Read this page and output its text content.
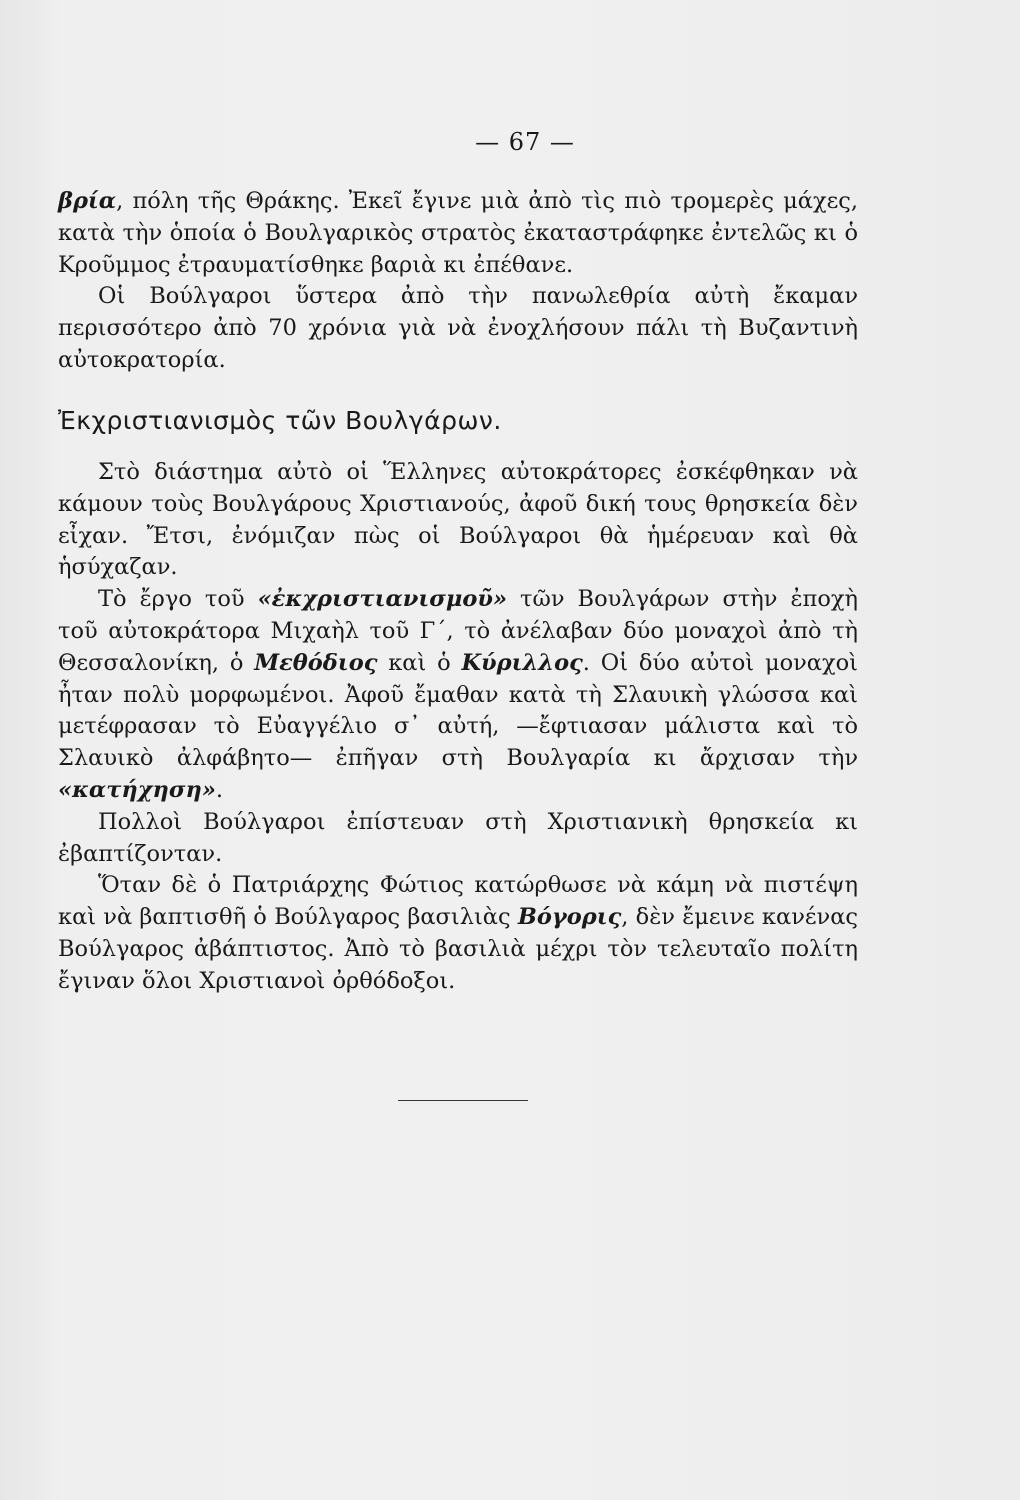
— 67 —

βρία, πόλη τῆς Θράκης. Ἐκεῖ ἔγινε μιὰ ἀπὸ τὶς πιὸ τρομερὲς μάχες, κατὰ τὴν ὁποία ὁ Βουλγαρικὸς στρατὸς ἐκαταστράφηκε ἐντελῶς κι ὁ Κροῦμμος ἐτραυματίσθηκε βαριὰ κι ἐπέθανε.

Οἱ Βούλγαροι ὕστερα ἀπὸ τὴν πανωλεθρία αὐτὴ ἔκαμαν περισσότερο ἀπὸ 70 χρόνια γιὰ νὰ ἐνοχλήσουν πάλι τὴ Βυζαντινὴ αὐτοκρατορία.

Ἐκχριστιανισμὸς τῶν Βουλγάρων.

Στὸ διάστημα αὐτὸ οἱ Ἕλληνες αὐτοκράτορες ἐσκέφθηκαν νὰ κάμουν τοὺς Βουλγάρους Χριστιανούς, ἀφοῦ δική τους θρησκεία δὲν εἶχαν. Ἔτσι, ἐνόμιζαν πὼς οἱ Βούλγαροι θὰ ἡμέρευαν καὶ θὰ ἡσύχαζαν.

Τὸ ἔργο τοῦ «ἐκχριστιανισμοῦ» τῶν Βουλγάρων στὴν ἐποχὴ τοῦ αὐτοκράτορα Μιχαὴλ τοῦ Γ΄, τὸ ἀνέλαβαν δύο μοναχοὶ ἀπὸ τὴ Θεσσαλονίκη, ὁ Μεθόδιος καὶ ὁ Κύριλλος. Οἱ δύο αὐτοὶ μοναχοὶ ἦταν πολὺ μορφωμένοι. Ἀφοῦ ἔμαθαν κατὰ τὴ Σλαυικὴ γλώσσα καὶ μετέφρασαν τὸ Εὐαγγέλιο σ᾿ αὐτή, —ἔφτιασαν μάλιστα καὶ τὸ Σλαυικὸ ἀλφάβητο— ἐπῆγαν στὴ Βουλγαρία κι ἄρχισαν τὴν «κατήχηση».

Πολλοὶ Βούλγαροι ἐπίστευαν στὴ Χριστιανικὴ θρησκεία κι ἐβαπτίζονταν.

Ὅταν δὲ ὁ Πατριάρχης Φώτιος κατώρθωσε νὰ κάμη νὰ πιστέψη καὶ νὰ βαπτισθῆ ὁ Βούλγαρος βασιλιὰς Βόγορις, δὲν ἔμεινε κανένας Βούλγαρος ἀβάπτιστος. Ἀπὸ τὸ βασιλιὰ μέχρι τὸν τελευταῖο πολίτη ἔγιναν ὅλοι Χριστιανοὶ ὀρθόδοξοι.
